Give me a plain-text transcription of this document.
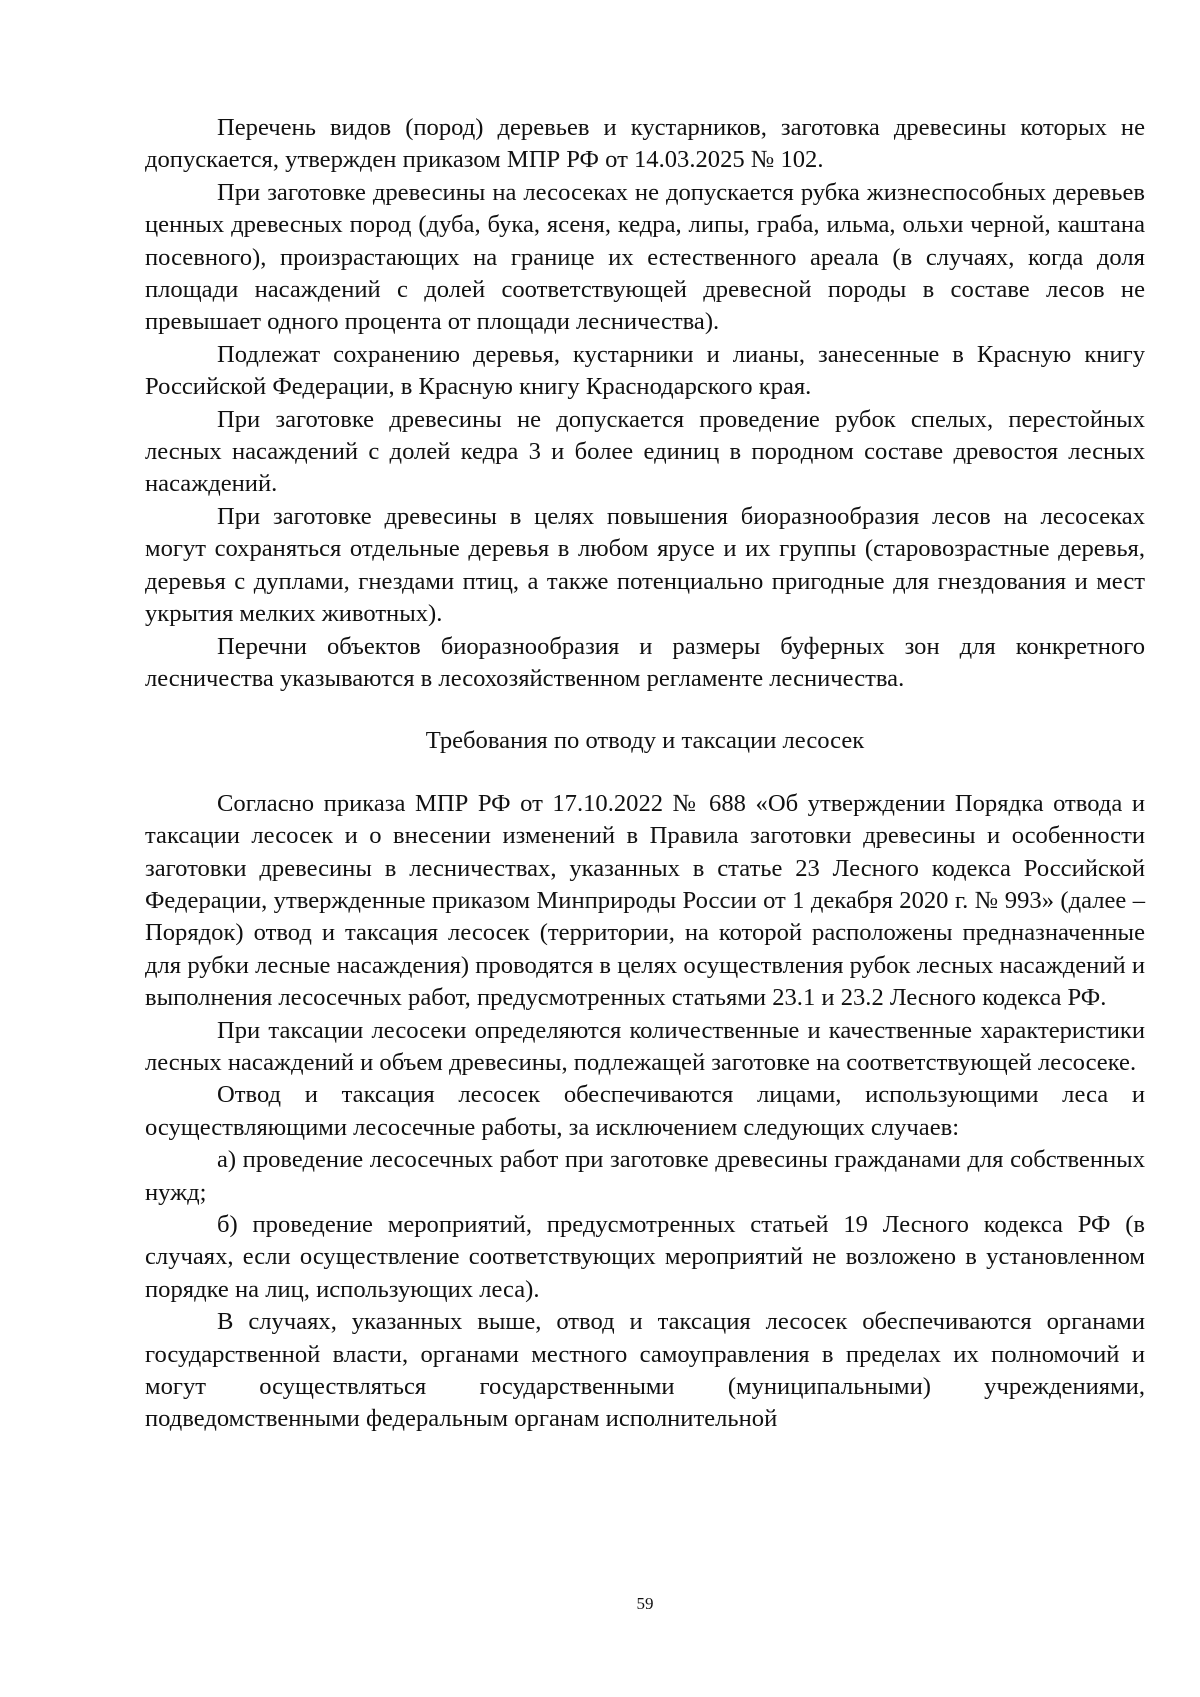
Перечень видов (пород) деревьев и кустарников, заготовка древесины которых не допускается, утвержден приказом МПР РФ от 14.03.2025 № 102.

При заготовке древесины на лесосеках не допускается рубка жизнеспособных деревьев ценных древесных пород (дуба, бука, ясеня, кедра, липы, граба, ильма, ольхи черной, каштана посевного), произрастающих на границе их естественного ареала (в случаях, когда доля площади насаждений с долей соответствующей древесной породы в составе лесов не превышает одного процента от площади лесничества).

Подлежат сохранению деревья, кустарники и лианы, занесенные в Красную книгу Российской Федерации, в Красную книгу Краснодарского края.

При заготовке древесины не допускается проведение рубок спелых, перестойных лесных насаждений с долей кедра 3 и более единиц в породном составе древостоя лесных насаждений.

При заготовке древесины в целях повышения биоразнообразия лесов на лесосеках могут сохраняться отдельные деревья в любом ярусе и их группы (старовозрастные деревья, деревья с дуплами, гнездами птиц, а также потенциально пригодные для гнездования и мест укрытия мелких животных).

Перечни объектов биоразнообразия и размеры буферных зон для конкретного лесничества указываются в лесохозяйственном регламенте лесничества.

Требования по отводу и таксации лесосек

Согласно приказа МПР РФ от 17.10.2022 № 688 «Об утверждении Порядка отвода и таксации лесосек и о внесении изменений в Правила заготовки древесины и особенности заготовки древесины в лесничествах, указанных в статье 23 Лесного кодекса Российской Федерации, утвержденные приказом Минприроды России от 1 декабря 2020 г. № 993» (далее – Порядок) отвод и таксация лесосек (территории, на которой расположены предназначенные для рубки лесные насаждения) проводятся в целях осуществления рубок лесных насаждений и выполнения лесосечных работ, предусмотренных статьями 23.1 и 23.2 Лесного кодекса РФ.

При таксации лесосеки определяются количественные и качественные характеристики лесных насаждений и объем древесины, подлежащей заготовке на соответствующей лесосеке.

Отвод и таксация лесосек обеспечиваются лицами, использующими леса и осуществляющими лесосечные работы, за исключением следующих случаев:

а) проведение лесосечных работ при заготовке древесины гражданами для собственных нужд;

б) проведение мероприятий, предусмотренных статьей 19 Лесного кодекса РФ (в случаях, если осуществление соответствующих мероприятий не возложено в установленном порядке на лиц, использующих леса).

В случаях, указанных выше, отвод и таксация лесосек обеспечиваются органами государственной власти, органами местного самоуправления в пределах их полномочий и могут осуществляться государственными (муниципальными) учреждениями, подведомственными федеральным органам исполнительной

59
